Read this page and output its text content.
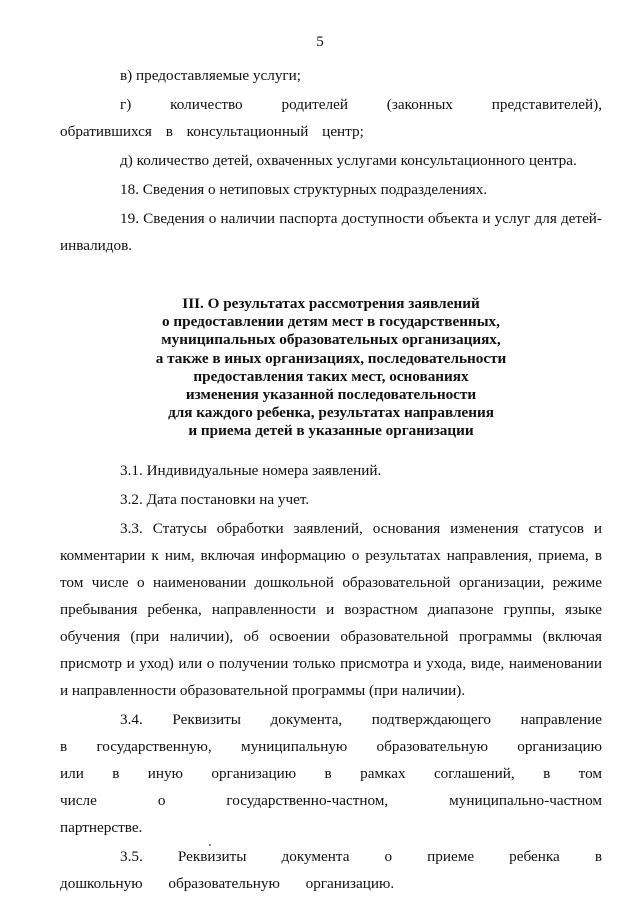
5

в) предоставляемые услуги;

г) количество родителей (законных представителей), обратившихся в консультационный центр;

д) количество детей, охваченных услугами консультационного центра.

18. Сведения о нетиповых структурных подразделениях.

19. Сведения о наличии паспорта доступности объекта и услуг для детей-инвалидов.

III. О результатах рассмотрения заявлений
о предоставлении детям мест в государственных,
муниципальных образовательных организациях,
а также в иных организациях, последовательности
предоставления таких мест, основаниях
изменения указанной последовательности
для каждого ребенка, результатах направления
и приема детей в указанные организации

3.1. Индивидуальные номера заявлений.

3.2. Дата постановки на учет.

3.3. Статусы обработки заявлений, основания изменения статусов и комментарии к ним, включая информацию о результатах направления, приема, в том числе о наименовании дошкольной образовательной организации, режиме пребывания ребенка, направленности и возрастном диапазоне группы, языке обучения (при наличии), об освоении образовательной программы (включая присмотр и уход) или о получении только присмотра и ухода, виде, наименовании и направленности образовательной программы (при наличии).

3.4. Реквизиты документа, подтверждающего направление в государственную, муниципальную образовательную организацию или в иную организацию в рамках соглашений, в том числе о государственно-частном, муниципально-частном партнерстве.

3.5. Реквизиты документа о приеме ребенка в дошкольную образовательную организацию.
